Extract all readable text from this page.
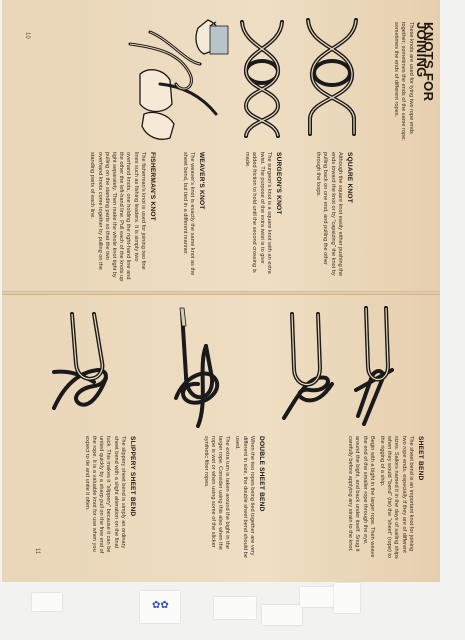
10
11
KNOTS FOR JOINING

These knots are used for tying two rope ends together; sometimes the ends of the same rope; sometimes the ends of different ropes.

SQUARE KNOT

Although the square knot easily either pushing the ends toward the knot or by "capsizing" the knot by pulling back on one end, and pulling the other through the loops.

SURGEON'S KNOT

The surgeon's knot is a square knot with an extra twist. The purpose of the extra twist is to give added friction to hold until the second crossing is made.

WEAVER'S KNOT

The weaver's knot is exactly the same knot as the sheet bend, but tied in a different manner.

FISHERMAN'S KNOT

The fisherman's knot is used for joining two fine lines such as fishing leaders. It is simply two overhand knots, one holding the right-hand line and the other the left-hand line. Pull each of the knots up tight separately. Then make the whole knot tight by pulling on the standing parts so that the two overhand knots come together by pulling on the standing parts of each line.

SHEET BEND

The sheet bend is an important knot for joining two rope ends, especially if they are of different sizes. Sailors named it in the days of sailing ships when they would "bend" (tie) the "sheet" (rope) to the rigging of a ship.

Begin with a bight in the larger rope. Then weave the end of the smaller rope through the eye, around the bight, and back under itself. Snug it carefully before applying any strain to the knot.

DOUBLE SHEET BEND

When the two ropes being tied together are very different in size, the double sheet bend should be used.

The extra turn is taken around the bight in the larger rope. Consider using this also when the rope is wet or when using some of the slicker synthetic fiber ropes.

SLIPPERY SHEET BEND

The slippery sheet bend is simply an ordinary sheet bend with a slight alteration on the final tuck. This makes it "slippery" because it can be untied quickly by a sharp pull on the free end of the rope. It is a valuable knot for use when you expect to tie and untie it often.

✿✿
